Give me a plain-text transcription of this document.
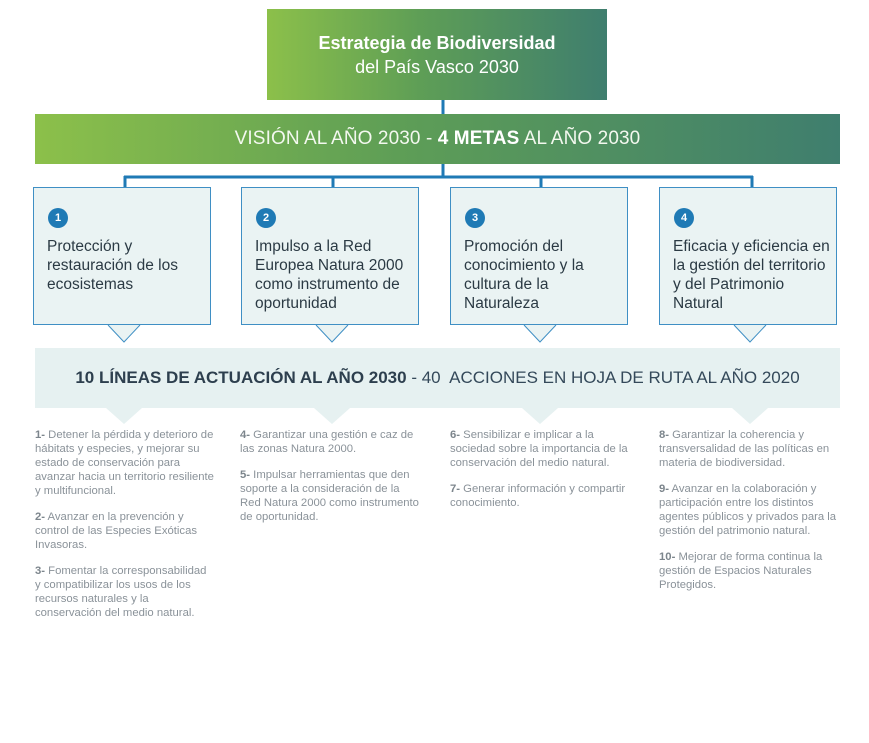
Estrategia de Biodiversidad
del País Vasco 2030
VISIÓN AL AÑO 2030 - 4 METAS AL AÑO 2030
1
Protección y restauración de los ecosistemas
2
Impulso a la Red Europea Natura 2000 como instrumento de oportunidad
3
Promoción del conocimiento y la cultura de la Naturaleza
4
Eficacia y eficiencia en la gestión del territorio y del Patrimonio Natural
10 LÍNEAS DE ACTUACIÓN AL AÑO 2030 - 40  ACCIONES EN HOJA DE RUTA AL AÑO 2020

1- Detener la pérdida y deterioro de hábitats y especies, y mejorar su estado de conservación para avanzar hacia un territorio resiliente y multifuncional.

2- Avanzar en la prevención y control de las Especies Exóticas Invasoras.

3- Fomentar la corresponsabilidad y compatibilizar los usos de los recursos naturales y la conservación del medio natural.

4- Garantizar una gestión e caz de las zonas Natura 2000.

5- Impulsar herramientas que den soporte a la consideración de la Red Natura 2000 como instrumento de oportunidad.

6- Sensibilizar e implicar a la sociedad sobre la importancia de la conservación del medio natural.

7- Generar información y compartir conocimiento.

8- Garantizar la coherencia y transversalidad de las políticas en materia de biodiversidad.

9- Avanzar en la colaboración y participación entre los distintos agentes públicos y privados para la gestión del patrimonio natural.

10- Mejorar de forma continua la gestión de Espacios Naturales Protegidos.
